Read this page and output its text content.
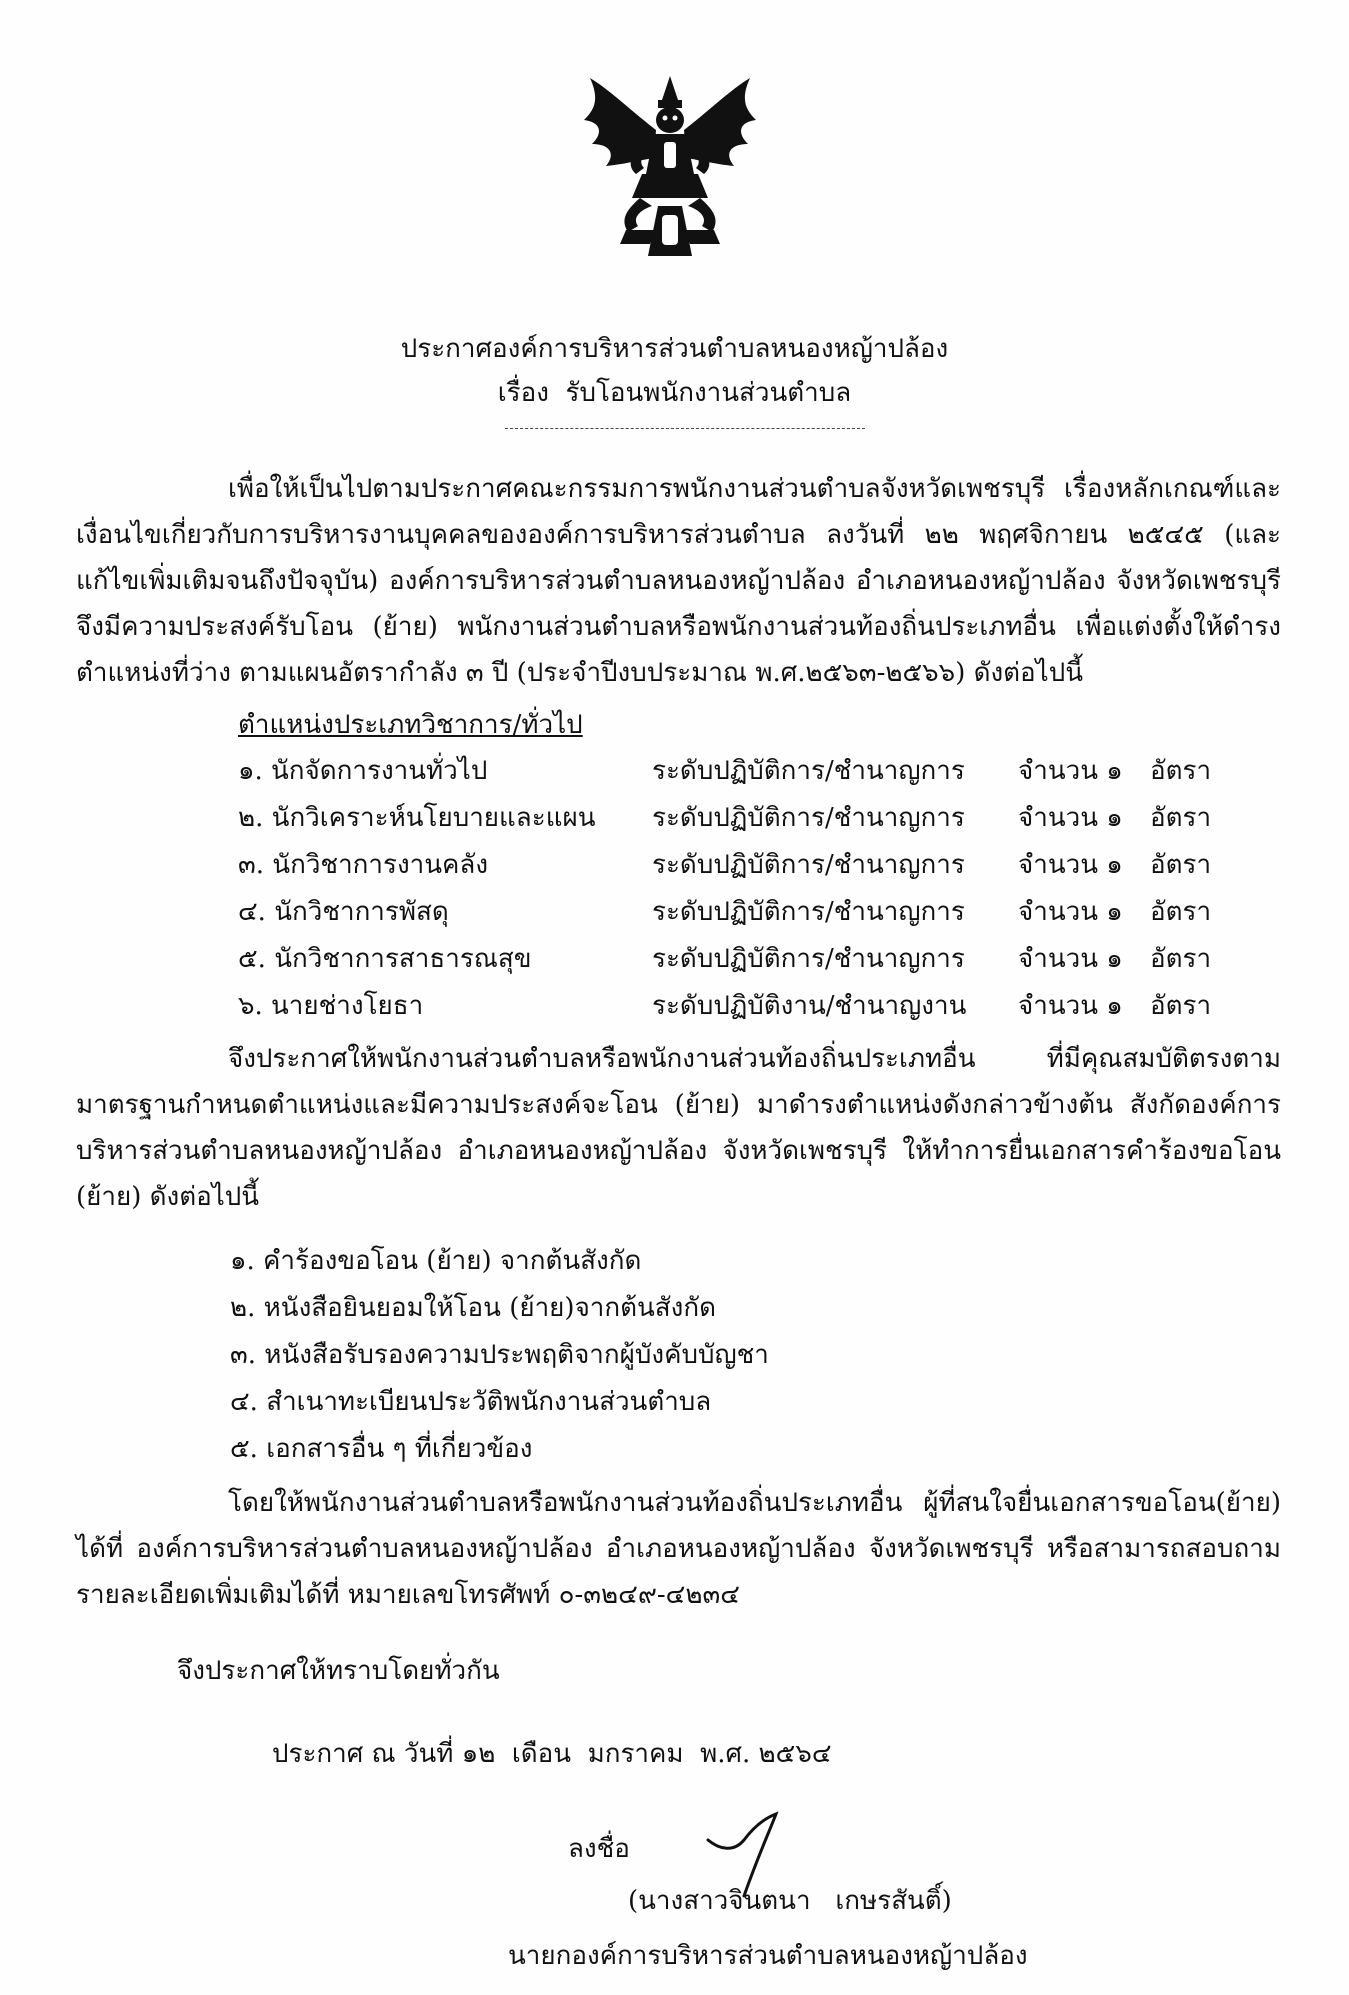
ประกาศองค์การบริหารส่วนตำบลหนองหญ้าปล้อง
เรื่อง  รับโอนพนักงานส่วนตำบล
เพื่อให้เป็นไปตามประกาศคณะกรรมการพนักงานส่วนตำบลจังหวัดเพชรบุรี เรื่องหลักเกณฑ์และเงื่อนไขเกี่ยวกับการบริหารงานบุคคลขององค์การบริหารส่วนตำบล ลงวันที่ ๒๒ พฤศจิกายน ๒๕๔๕ (และแก้ไขเพิ่มเติมจนถึงปัจจุบัน) องค์การบริหารส่วนตำบลหนองหญ้าปล้อง อำเภอหนองหญ้าปล้อง จังหวัดเพชรบุรี จึงมีความประสงค์รับโอน (ย้าย) พนักงานส่วนตำบลหรือพนักงานส่วนท้องถิ่นประเภทอื่น เพื่อแต่งตั้งให้ดำรงตำแหน่งที่ว่าง ตามแผนอัตรากำลัง ๓ ปี (ประจำปีงบประมาณ พ.ศ.๒๕๖๓-๒๕๖๖) ดังต่อไปนี้
ตำแหน่งประเภทวิชาการ/ทั่วไป
๑. นักจัดการงานทั่วไป	ระดับปฏิบัติการ/ชำนาญการ จำนวน ๑ อัตรา
๒. นักวิเคราะห์นโยบายและแผน ระดับปฏิบัติการ/ชำนาญการ จำนวน ๑ อัตรา
๓. นักวิชาการงานคลัง	ระดับปฏิบัติการ/ชำนาญการ จำนวน ๑ อัตรา
๔. นักวิชาการพัสดุ	ระดับปฏิบัติการ/ชำนาญการ จำนวน ๑ อัตรา
๕. นักวิชาการสาธารณสุข	ระดับปฏิบัติการ/ชำนาญการ จำนวน ๑ อัตรา
๖. นายช่างโยธา	ระดับปฏิบัติงาน/ชำนาญงาน จำนวน ๑ อัตรา
จึงประกาศให้พนักงานส่วนตำบลหรือพนักงานส่วนท้องถิ่นประเภทอื่น ที่มีคุณสมบัติตรงตามมาตรฐานกำหนดตำแหน่งและมีความประสงค์จะโอน (ย้าย) มาดำรงตำแหน่งดังกล่าวข้างต้น สังกัดองค์การบริหารส่วนตำบลหนองหญ้าปล้อง อำเภอหนองหญ้าปล้อง จังหวัดเพชรบุรี ให้ทำการยื่นเอกสารคำร้องขอโอน (ย้าย) ดังต่อไปนี้
๑. คำร้องขอโอน (ย้าย) จากต้นสังกัด
๒. หนังสือยินยอมให้โอน (ย้าย)จากต้นสังกัด
๓. หนังสือรับรองความประพฤติจากผู้บังคับบัญชา
๔. สำเนาทะเบียนประวัติพนักงานส่วนตำบล
๕. เอกสารอื่น ๆ ที่เกี่ยวข้อง
โดยให้พนักงานส่วนตำบลหรือพนักงานส่วนท้องถิ่นประเภทอื่น ผู้ที่สนใจยื่นเอกสารขอโอน(ย้าย) ได้ที่ องค์การบริหารส่วนตำบลหนองหญ้าปล้อง อำเภอหนองหญ้าปล้อง จังหวัดเพชรบุรี หรือสามารถสอบถามรายละเอียดเพิ่มเติมได้ที่ หมายเลขโทรศัพท์ ๐-๓๒๔๙-๔๒๓๔
จึงประกาศให้ทราบโดยทั่วกัน
ประกาศ ณ วันที่ ๑๒  เดือน  มกราคม  พ.ศ. ๒๕๖๔
ลงชื่อ
(นางสาวจินตนา   เกษรสันติ์)
นายกองค์การบริหารส่วนตำบลหนองหญ้าปล้อง
